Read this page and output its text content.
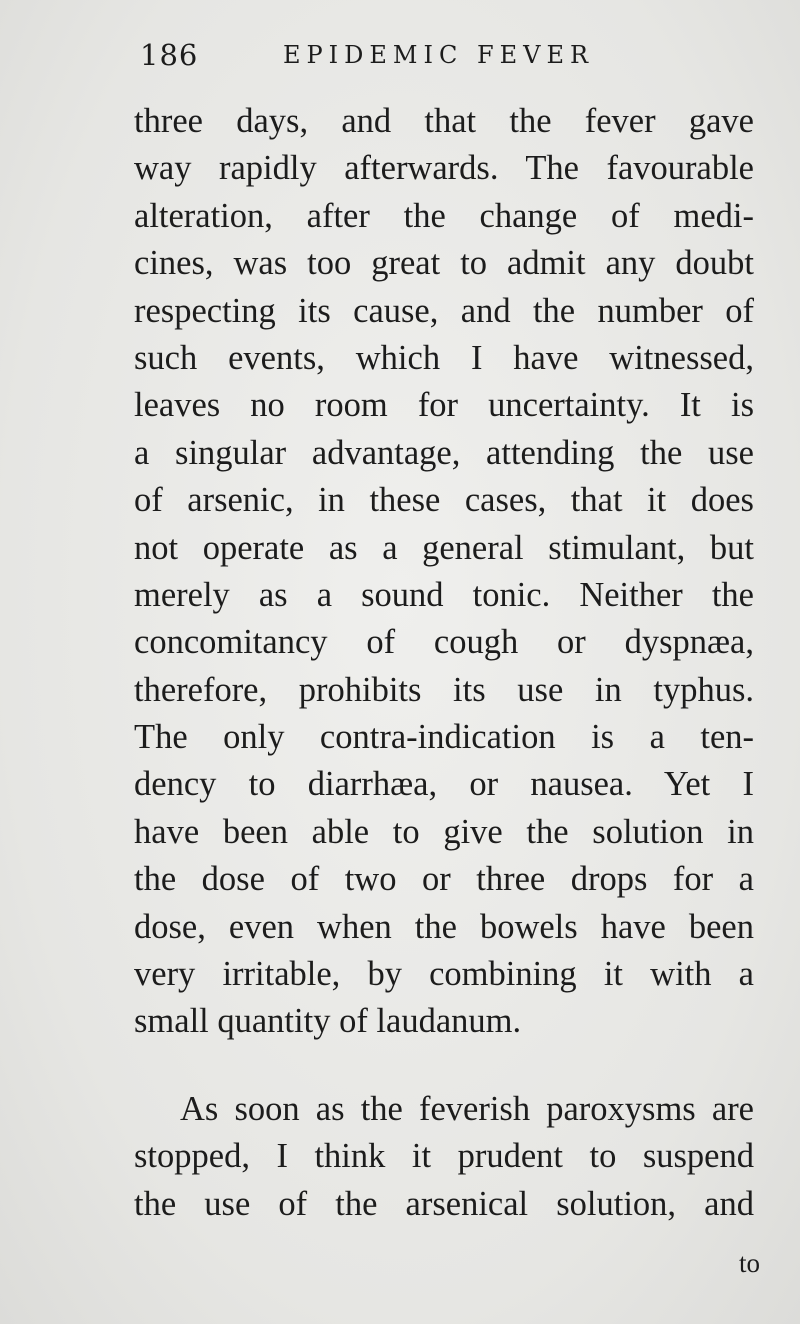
186	EPIDEMIC FEVER
three days, and that the fever gave
way rapidly afterwards. The favourable
alteration, after the change of medi-
cines, was too great to admit any doubt
respecting its cause, and the number of
such events, which I have witnessed,
leaves no room for uncertainty. It is
a singular advantage, attending the use
of arsenic, in these cases, that it does
not operate as a general stimulant, but
merely as a sound tonic. Neither the
concomitancy of cough or dyspnæa,
therefore, prohibits its use in typhus.
The only contra-indication is a ten-
dency to diarrhæa, or nausea. Yet I
have been able to give the solution in
the dose of two or three drops for a
dose, even when the bowels have been
very irritable, by combining it with a
small quantity of laudanum.
As soon as the feverish paroxysms are
stopped, I think it prudent to suspend
the use of the arsenical solution, and
to
